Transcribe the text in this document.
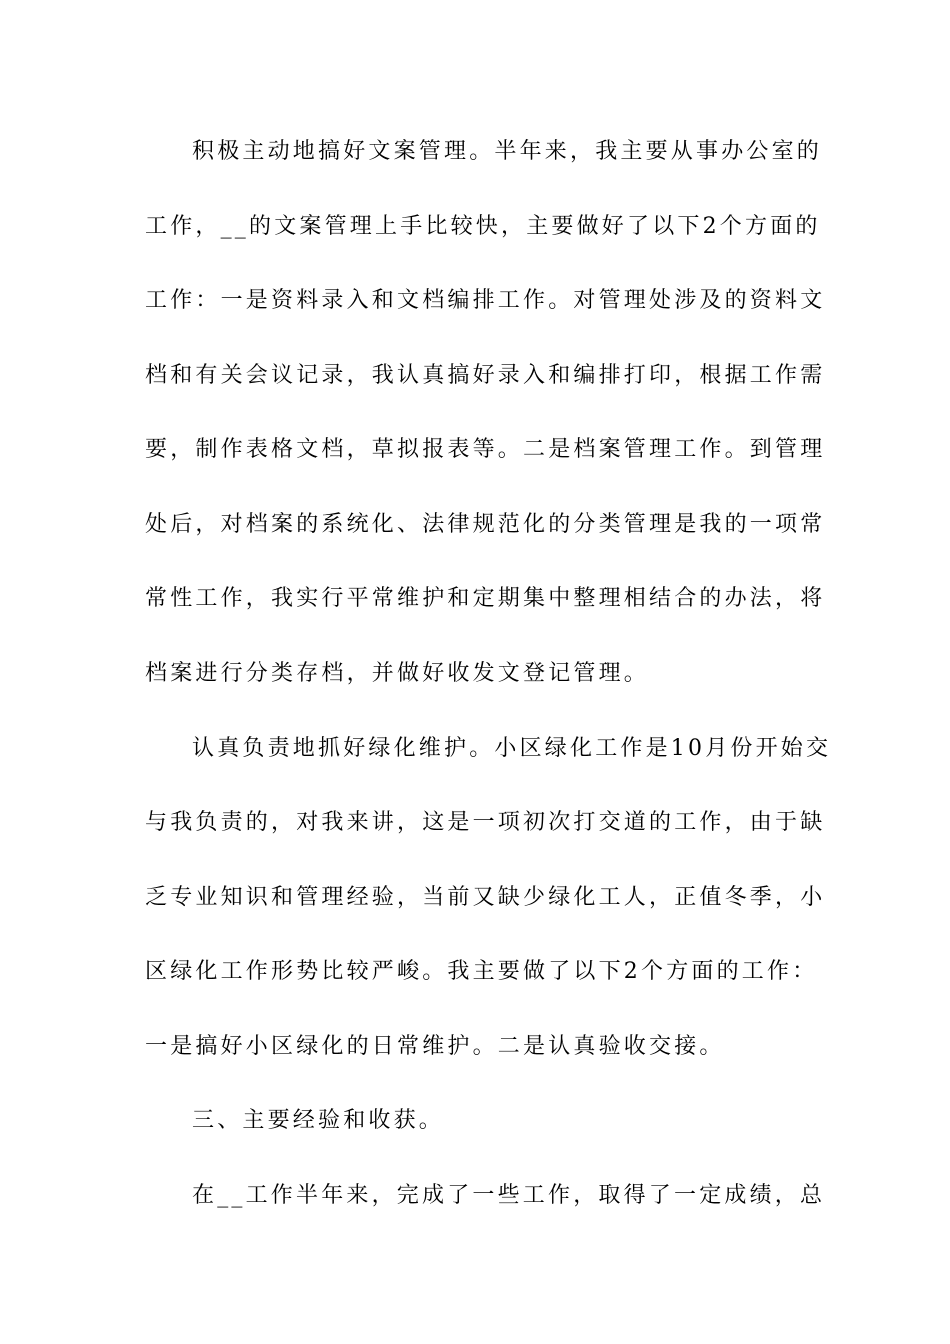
积极主动地搞好文案管理。半年来，我主要从事办公室的
工作，__的文案管理上手比较快，主要做好了以下2个方面的
工作：一是资料录入和文档编排工作。对管理处涉及的资料文
档和有关会议记录，我认真搞好录入和编排打印，根据工作需
要，制作表格文档，草拟报表等。二是档案管理工作。到管理
处后，对档案的系统化、法律规范化的分类管理是我的一项常
常性工作，我实行平常维护和定期集中整理相结合的办法，将
档案进行分类存档，并做好收发文登记管理。
认真负责地抓好绿化维护。小区绿化工作是10月份开始交
与我负责的，对我来讲，这是一项初次打交道的工作，由于缺
乏专业知识和管理经验，当前又缺少绿化工人，正值冬季，小
区绿化工作形势比较严峻。我主要做了以下2个方面的工作：
一是搞好小区绿化的日常维护。二是认真验收交接。
三、主要经验和收获。
在__工作半年来，完成了一些工作，取得了一定成绩，总
